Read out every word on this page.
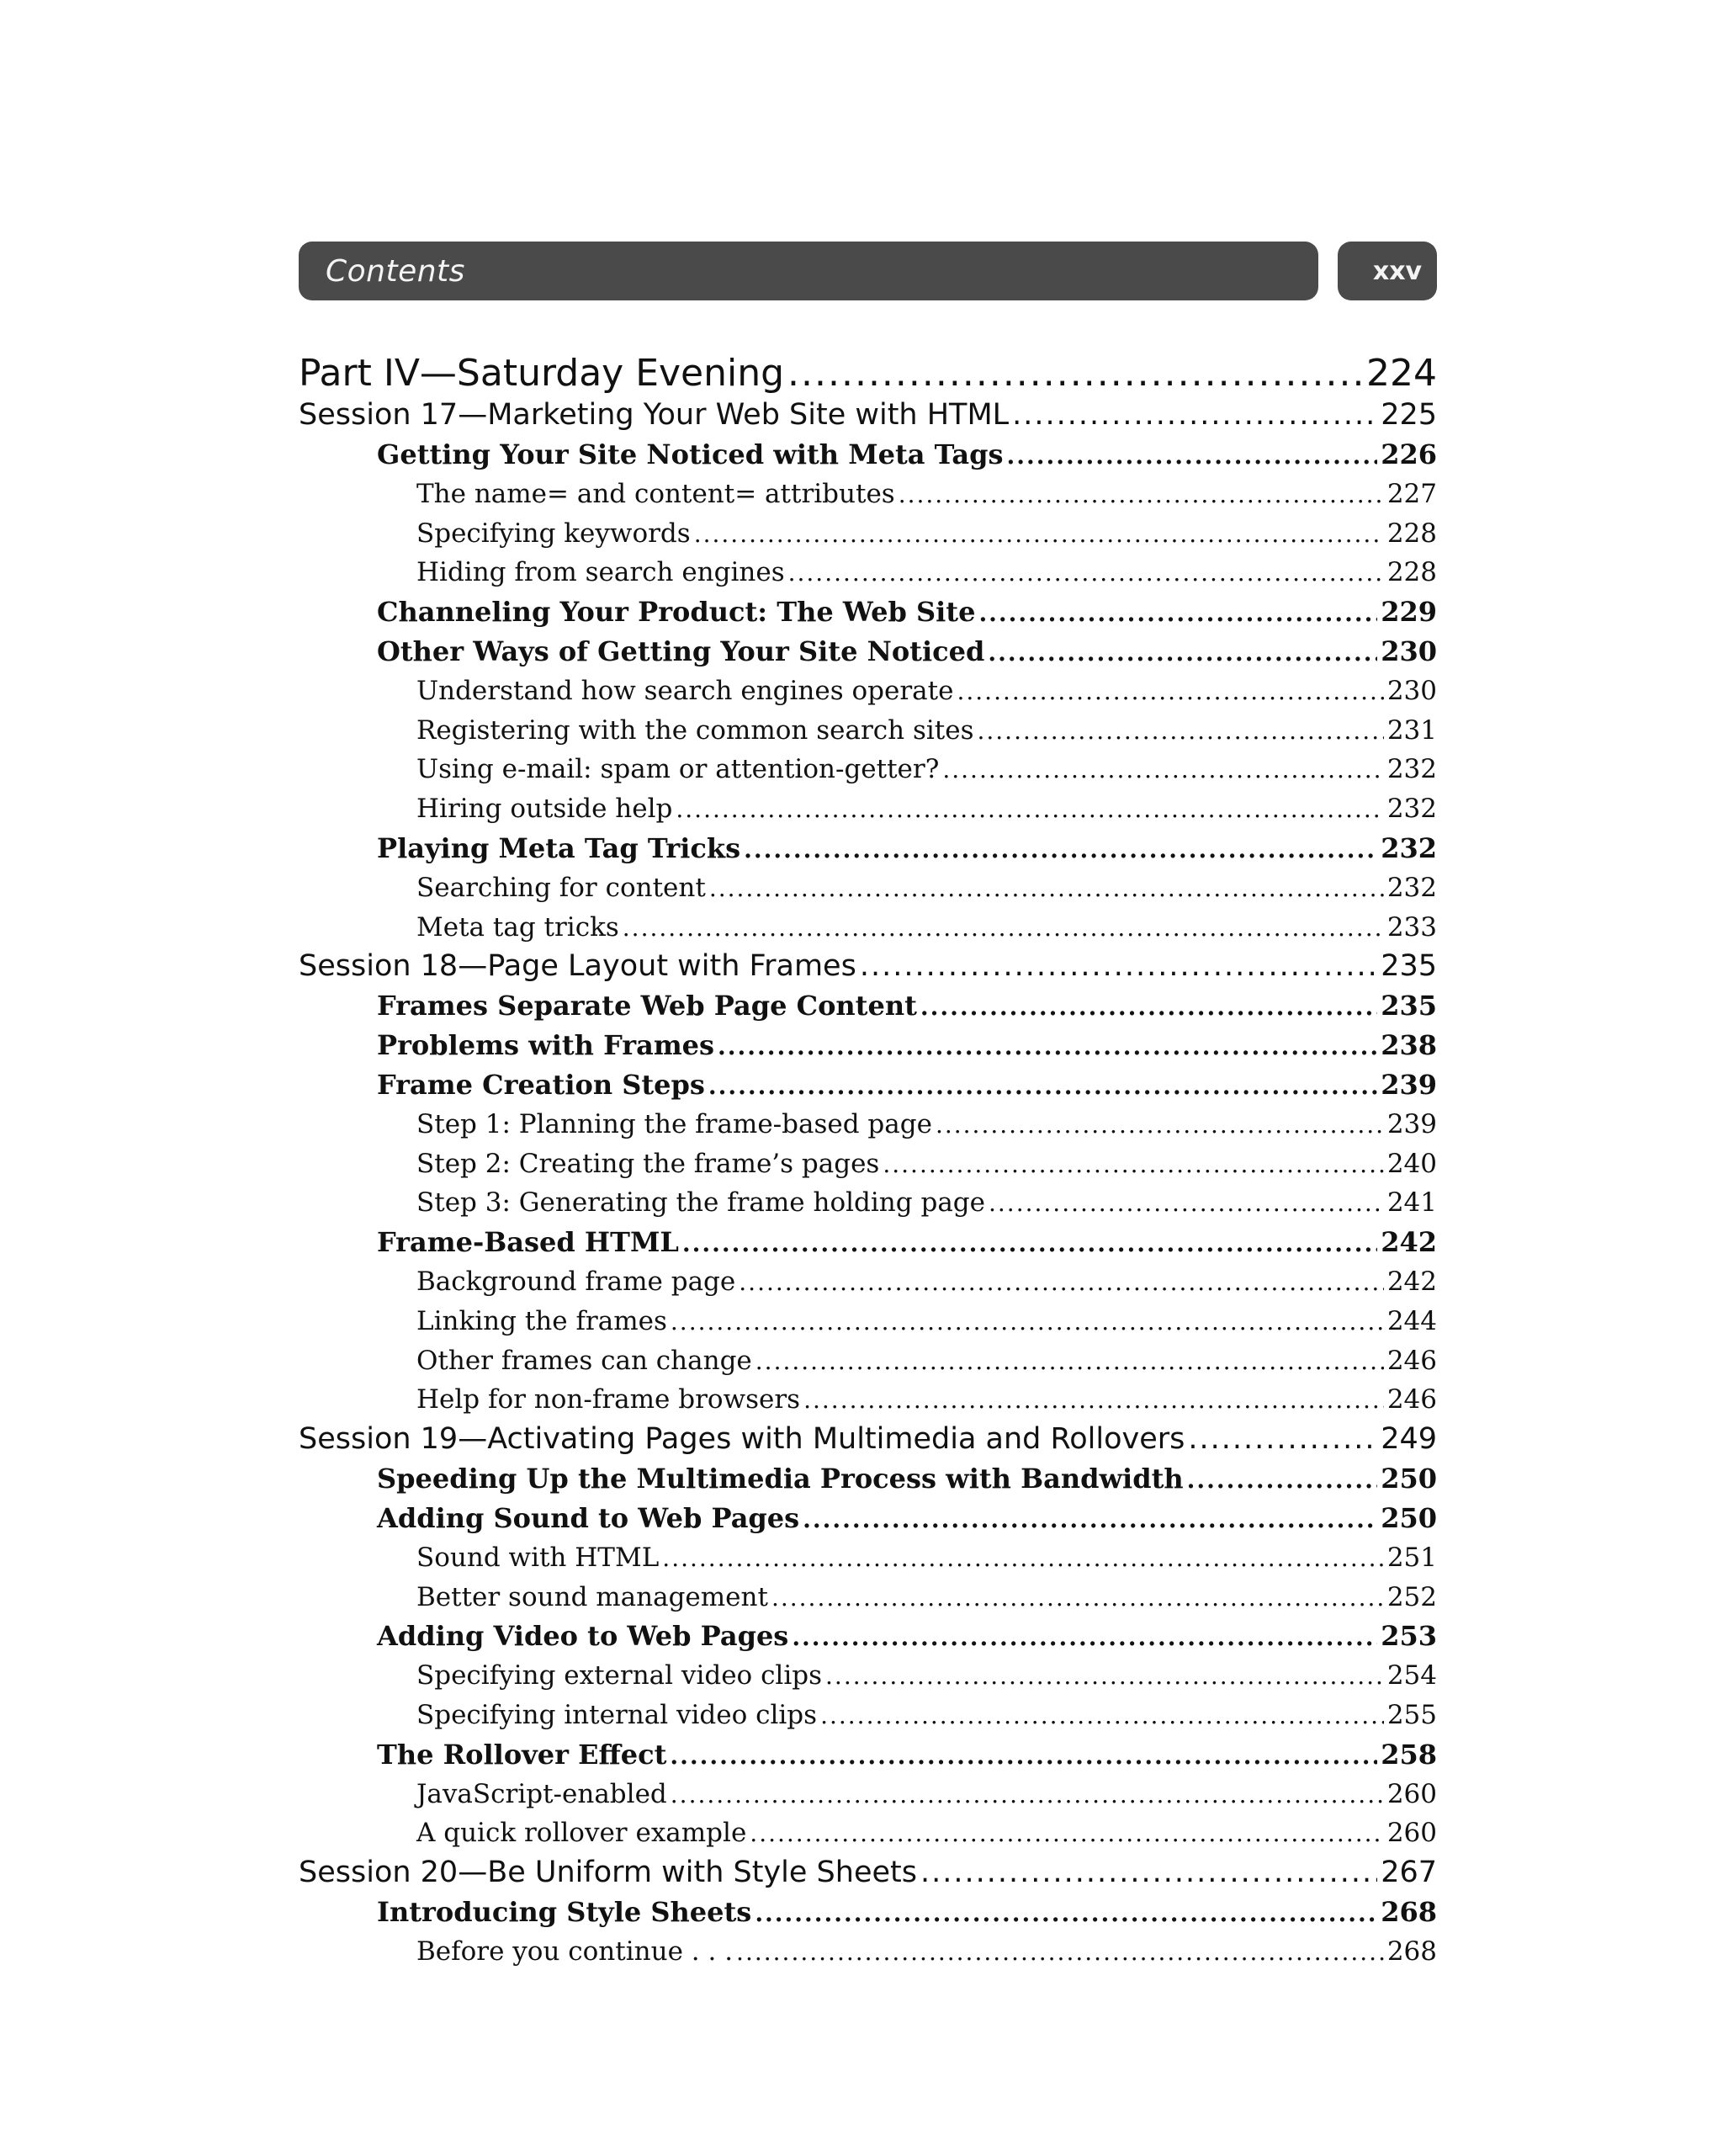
Contents	xxv
Part IV—Saturday Evening .....	224
Session 17—Marketing Your Web Site with HTML .....	225
Getting Your Site Noticed with Meta Tags .....	226
The name= and content= attributes .....	227
Specifying keywords .....	228
Hiding from search engines .....	228
Channeling Your Product: The Web Site .....	229
Other Ways of Getting Your Site Noticed .....	230
Understand how search engines operate .....	230
Registering with the common search sites .....	231
Using e-mail: spam or attention-getter? .....	232
Hiring outside help .....	232
Playing Meta Tag Tricks .....	232
Searching for content .....	232
Meta tag tricks .....	233
Session 18—Page Layout with Frames .....	235
Frames Separate Web Page Content .....	235
Problems with Frames .....	238
Frame Creation Steps .....	239
Step 1: Planning the frame-based page .....	239
Step 2: Creating the frame’s pages .....	240
Step 3: Generating the frame holding page .....	241
Frame-Based HTML .....	242
Background frame page .....	242
Linking the frames .....	244
Other frames can change .....	246
Help for non-frame browsers .....	246
Session 19—Activating Pages with Multimedia and Rollovers .....	249
Speeding Up the Multimedia Process with Bandwidth .....	250
Adding Sound to Web Pages .....	250
Sound with HTML .....	251
Better sound management .....	252
Adding Video to Web Pages .....	253
Specifying external video clips .....	254
Specifying internal video clips .....	255
The Rollover Effect .....	258
JavaScript-enabled .....	260
A quick rollover example .....	260
Session 20—Be Uniform with Style Sheets .....	267
Introducing Style Sheets .....	268
Before you continue . . . .....	268
